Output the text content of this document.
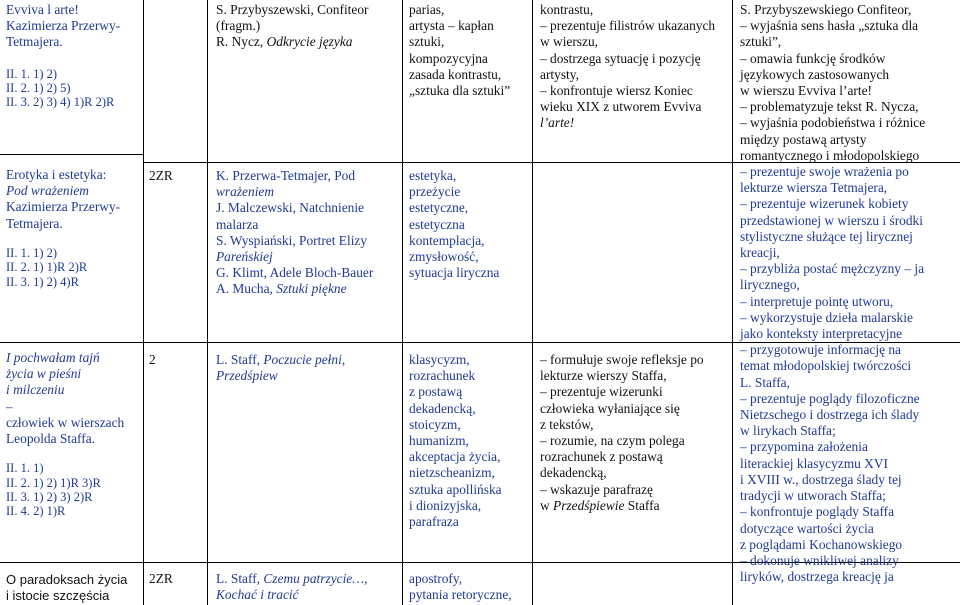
Evviva l arte!
Kazimierza Przerwy-
Tetmajera.
II. 1. 1) 2)
II. 2. 1) 2) 5)
II. 3. 2) 3) 4) 1)R 2)R
Erotyka i estetyka:
Pod wrażeniem
Kazimierza Przerwy-
Tetmajera.
II. 1. 1) 2)
II. 2. 1) 1)R 2)R
II. 3. 1) 2) 4)R
I pochwałam tajń
życia w pieśni
i milczeniu
–
człowiek w wierszach
Leopolda Staffa.
II. 1. 1)
II. 2. 1) 2) 1)R 3)R
II. 3. 1) 2) 3) 2)R
II. 4. 2) 1)R
O paradoksach życia
i istocie szczęścia
2ZR
2
2ZR
S. Przybyszewski, Confiteor
(fragm.)
R. Nycz, Odkrycie języka
K. Przerwa-Tetmajer, Pod
wrażeniem
J. Malczewski, Natchnienie
malarza
S. Wyspiański, Portret Elizy
Pareńskiej
G. Klimt, Adele Bloch-Bauer
A. Mucha, Sztuki piękne
L. Staff, Poczucie pełni,
Przedśpiew
L. Staff, Czemu patrzycie…,
Kochać i tracić
parias,
artysta – kapłan
sztuki,
kompozycyjna
zasada kontrastu,
„sztuka dla sztuki”
estetyka,
przeżycie
estetyczne,
estetyczna
kontemplacja,
zmysłowość,
sytuacja liryczna
klasycyzm,
rozrachunek
z postawą
dekadencką,
stoicyzm,
humanizm,
akceptacja życia,
nietzscheanizm,
sztuka apollińska
i dionizyjska,
parafraza
apostrofy,
pytania retoryczne,
kontrastu,
– prezentuje filistrów ukazanych
w wierszu,
– dostrzega sytuację i pozycję
artysty,
– konfrontuje wiersz Koniec
wieku XIX z utworem Evviva
l’arte!
– formułuje swoje refleksje po
lekturze wierszy Staffa,
– prezentuje wizerunki
człowieka wyłaniające się
z tekstów,
– rozumie, na czym polega
rozrachunek z postawą
dekadencką,
– wskazuje parafrazę
w Przedśpiewie Staffa
S. Przybyszewskiego Confiteor,
– wyjaśnia sens hasła „sztuka dla
sztuki”,
– omawia funkcję środków
językowych zastosowanych
w wierszu Evviva l’arte!
– problematyzuje tekst R. Nycza,
– wyjaśnia podobieństwa i różnice
między postawą artysty
romantycznego i młodopolskiego
– prezentuje swoje wrażenia po
lekturze wiersza Tetmajera,
– prezentuje wizerunek kobiety
przedstawionej w wierszu i środki
stylistyczne służące tej lirycznej
kreacji,
– przybliża postać mężczyzny – ja
lirycznego,
– interpretuje pointę utworu,
– wykorzystuje dzieła malarskie
jako konteksty interpretacyjne
– przygotowuje informację na
temat młodopolskiej twórczości
L. Staffa,
– prezentuje poglądy filozoficzne
Nietzschego i dostrzega ich ślady
w lirykach Staffa;
– przypomina założenia
literackiej klasycyzmu XVI
i XVIII w., dostrzega ślady tej
tradycji w utworach Staffa;
– konfrontuje poglądy Staffa
dotyczące wartości życia
z poglądami Kochanowskiego
– dokonuje wnikliwej analizy
liryków, dostrzega kreację ja
